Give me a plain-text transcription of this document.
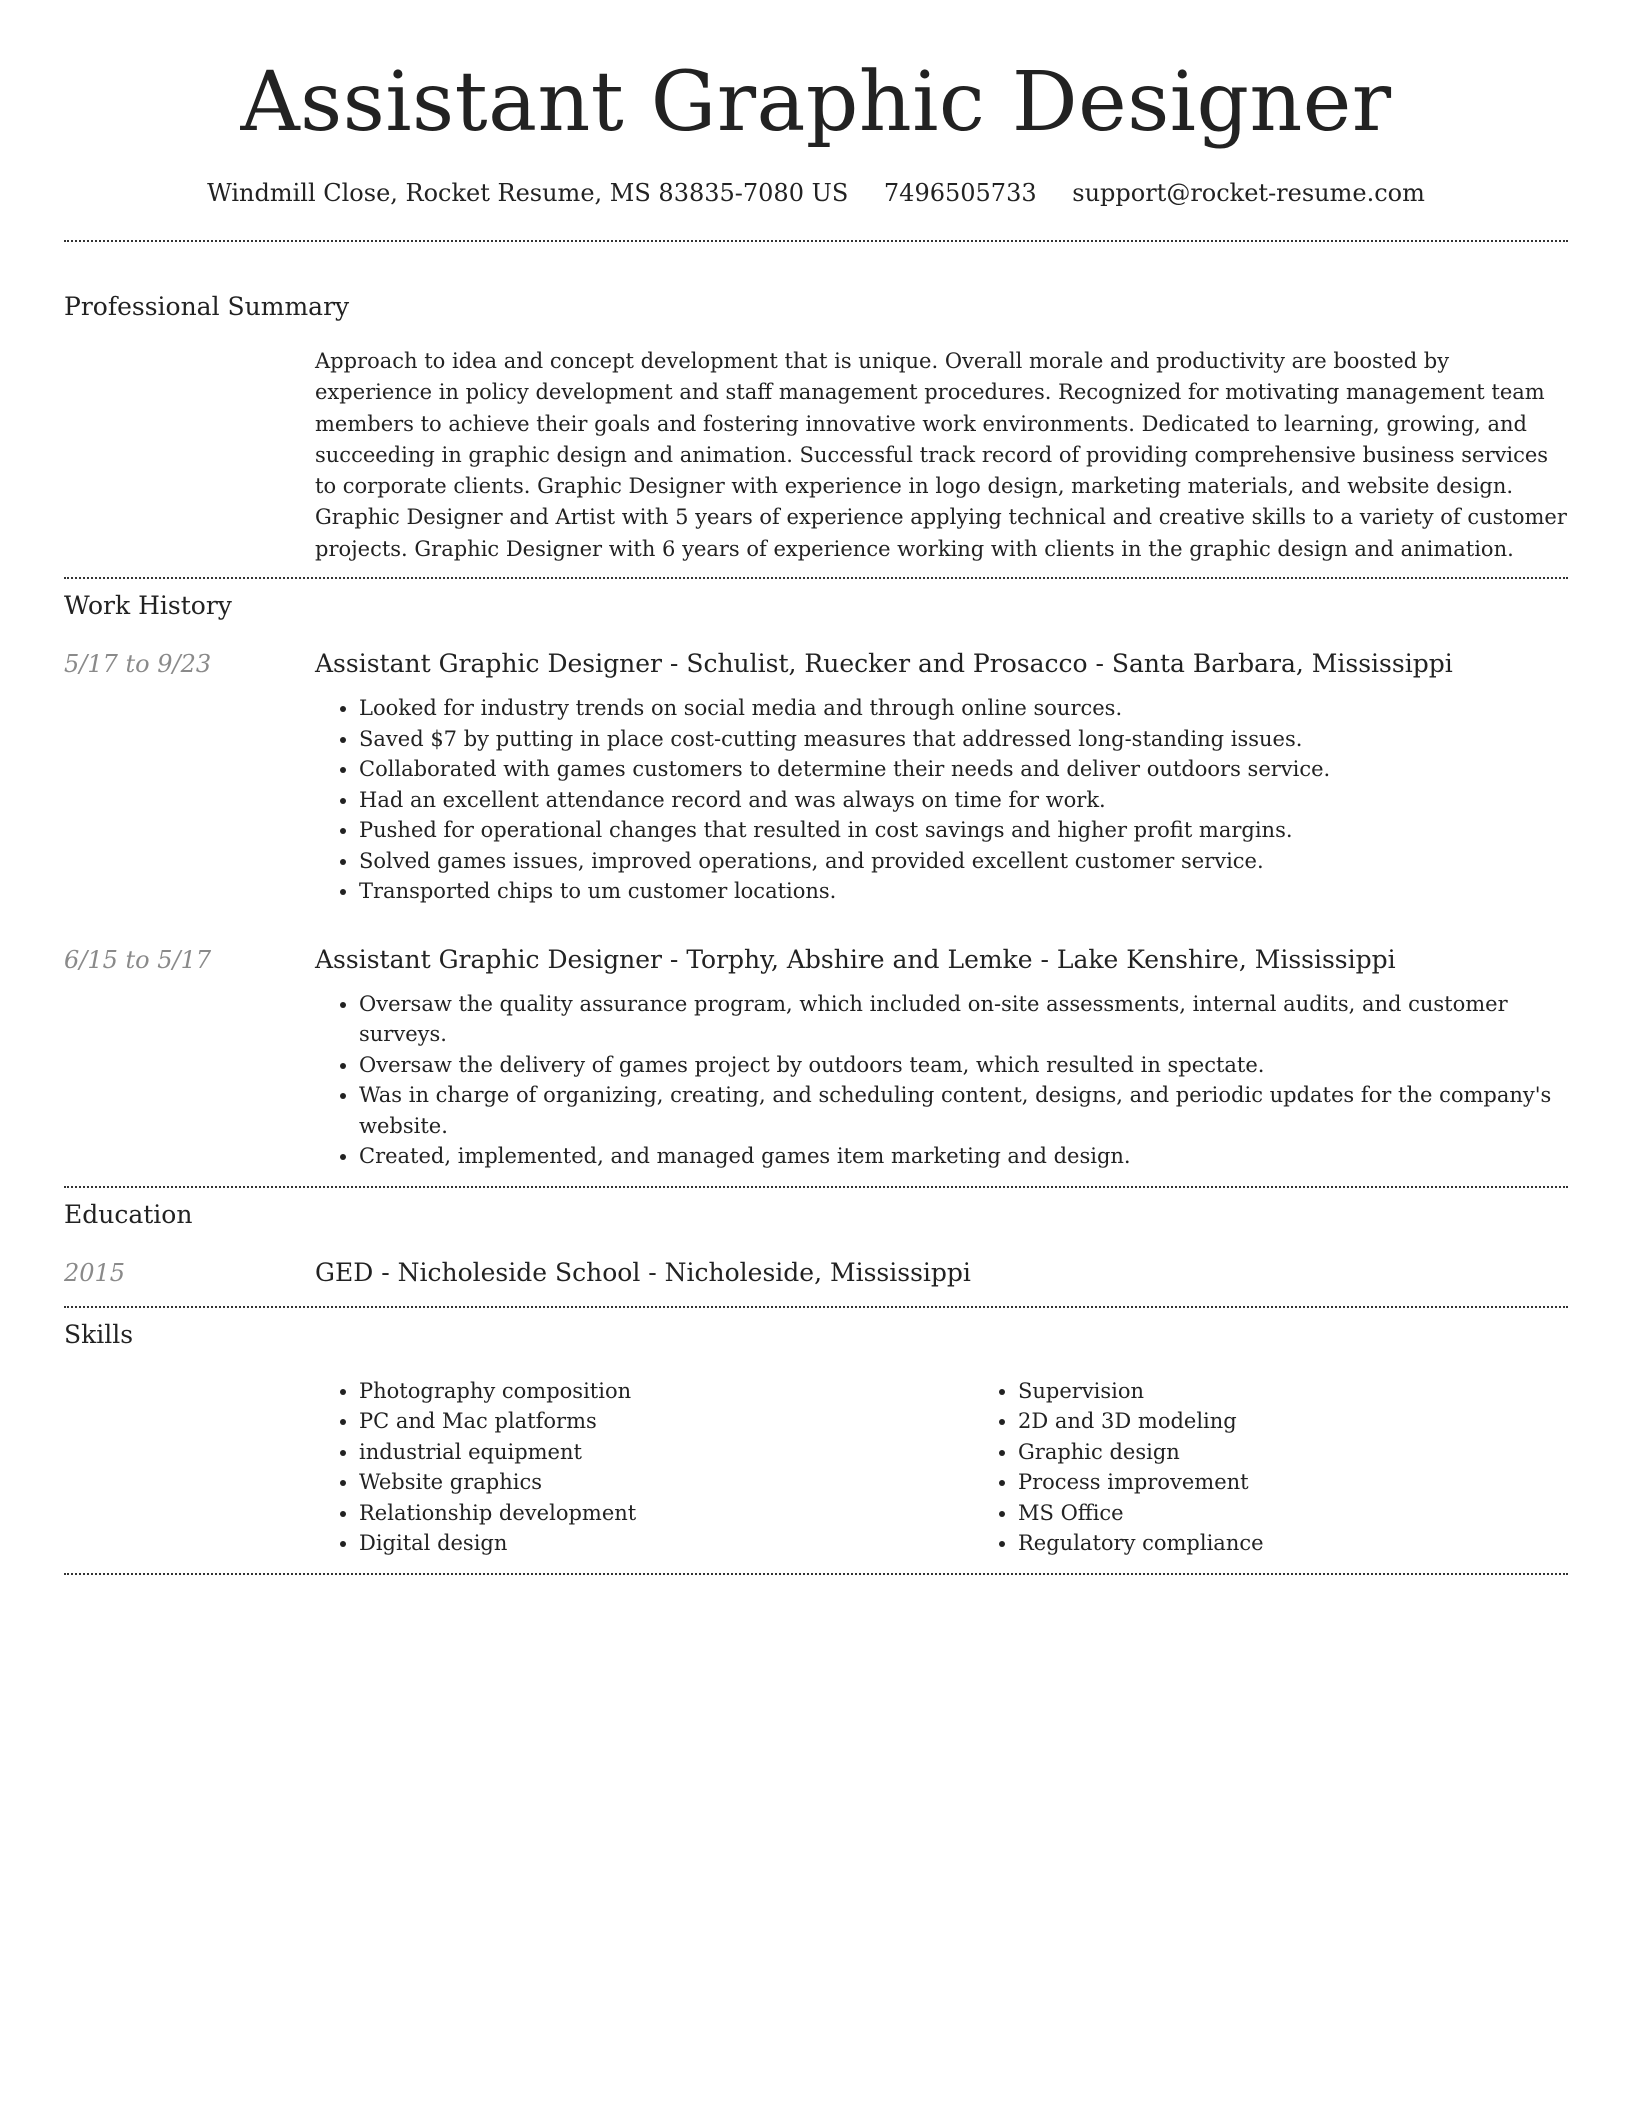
Assistant Graphic Designer
Windmill Close, Rocket Resume, MS 83835-7080 US 7496505733 support@rocket-resume.com
Professional Summary

Approach to idea and concept development that is unique. Overall morale and productivity are boosted by experience in policy development and staff management procedures. Recognized for motivating management team members to achieve their goals and fostering innovative work environments. Dedicated to learning, growing, and succeeding in graphic design and animation. Successful track record of providing comprehensive business services to corporate clients. Graphic Designer with experience in logo design, marketing materials, and website design. Graphic Designer and Artist with 5 years of experience applying technical and creative skills to a variety of customer projects. Graphic Designer with 6 years of experience working with clients in the graphic design and animation.

Work History
5/17 to 9/23	Assistant Graphic Designer - Schulist, Ruecker and Prosacco - Santa Barbara, Mississippi
• Looked for industry trends on social media and through online sources.
• Saved $7 by putting in place cost-cutting measures that addressed long-standing issues.
• Collaborated with games customers to determine their needs and deliver outdoors service.
• Had an excellent attendance record and was always on time for work.
• Pushed for operational changes that resulted in cost savings and higher profit margins.
• Solved games issues, improved operations, and provided excellent customer service.
• Transported chips to um customer locations.
6/15 to 5/17	Assistant Graphic Designer - Torphy, Abshire and Lemke - Lake Kenshire, Mississippi
• Oversaw the quality assurance program, which included on-site assessments, internal audits, and customer surveys.
• Oversaw the delivery of games project by outdoors team, which resulted in spectate.
• Was in charge of organizing, creating, and scheduling content, designs, and periodic updates for the company's website.
• Created, implemented, and managed games item marketing and design.
Education
2015	GED - Nicholeside School - Nicholeside, Mississippi
Skills
• Photography composition
• PC and Mac platforms
• industrial equipment
• Website graphics
• Relationship development
• Digital design
• Supervision
• 2D and 3D modeling
• Graphic design
• Process improvement
• MS Office
• Regulatory compliance
